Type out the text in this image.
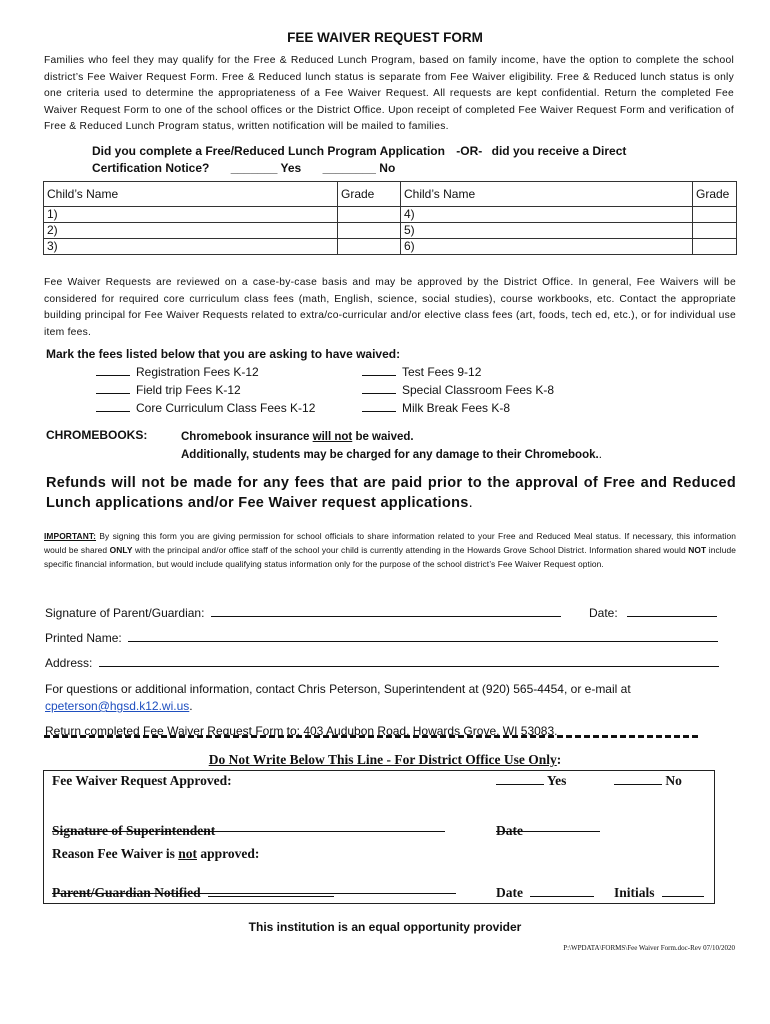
FEE WAIVER REQUEST FORM
Families who feel they may qualify for the Free & Reduced Lunch Program, based on family income, have the option to complete the school district’s Fee Waiver Request Form. Free & Reduced lunch status is separate from Fee Waiver eligibility. Free & Reduced lunch status is only one criteria used to determine the appropriateness of a Fee Waiver Request. All requests are kept confidential. Return the completed Fee Waiver Request Form to one of the school offices or the District Office. Upon receipt of completed Fee Waiver Request Form and verification of Free & Reduced Lunch Program status, written notification will be mailed to families.
Did you complete a Free/Reduced Lunch Program Application -OR- did you receive a Direct
Certification Notice? _______ Yes ________ No
Child’s Name	Grade	Child’s Name	Grade
1)		4)	
2)		5)	
3)		6)	
Fee Waiver Requests are reviewed on a case-by-case basis and may be approved by the District Office. In general, Fee Waivers will be considered for required core curriculum class fees (math, English, science, social studies), course workbooks, etc. Contact the appropriate building principal for Fee Waiver Requests related to extra/co-curricular and/or elective class fees (art, foods, tech ed, etc.), or for individual use item fees.
Mark the fees listed below that you are asking to have waived:
Registration Fees K-12
Field trip Fees K-12
Core Curriculum Class Fees K-12
Test Fees 9-12
Special Classroom Fees K-8
Milk Break Fees K-8
CHROMEBOOKS:	Chromebook insurance will not be waived.
Additionally, students may be charged for any damage to their Chromebook..
Refunds will not be made for any fees that are paid prior to the approval of Free and Reduced Lunch applications and/or Fee Waiver request applications.
IMPORTANT: By signing this form you are giving permission for school officials to share information related to your Free and Reduced Meal status. If necessary, this information would be shared ONLY with the principal and/or office staff of the school your child is currently attending in the Howards Grove School District. Information shared would NOT include specific financial information, but would include qualifying status information only for the purpose of the school district’s Fee Waiver Request option.
Signature of Parent/Guardian:	Date:
Printed Name:
Address:
For questions or additional information, contact Chris Peterson, Superintendent at (920) 565-4454, or e-mail at
cpeterson@hgsd.k12.wi.us.
Return completed Fee Waiver Request Form to: 403 Audubon Road, Howards Grove, WI 53083.
Do Not Write Below This Line - For District Office Use Only:
Fee Waiver Request Approved:	Yes	No
Signature of Superintendent	Date
Reason Fee Waiver is not approved:
Parent/Guardian Notified	Date	Initials
This institution is an equal opportunity provider
P:\WPDATA\FORMS\Fee Waiver Form.doc-Rev 07/10/2020
